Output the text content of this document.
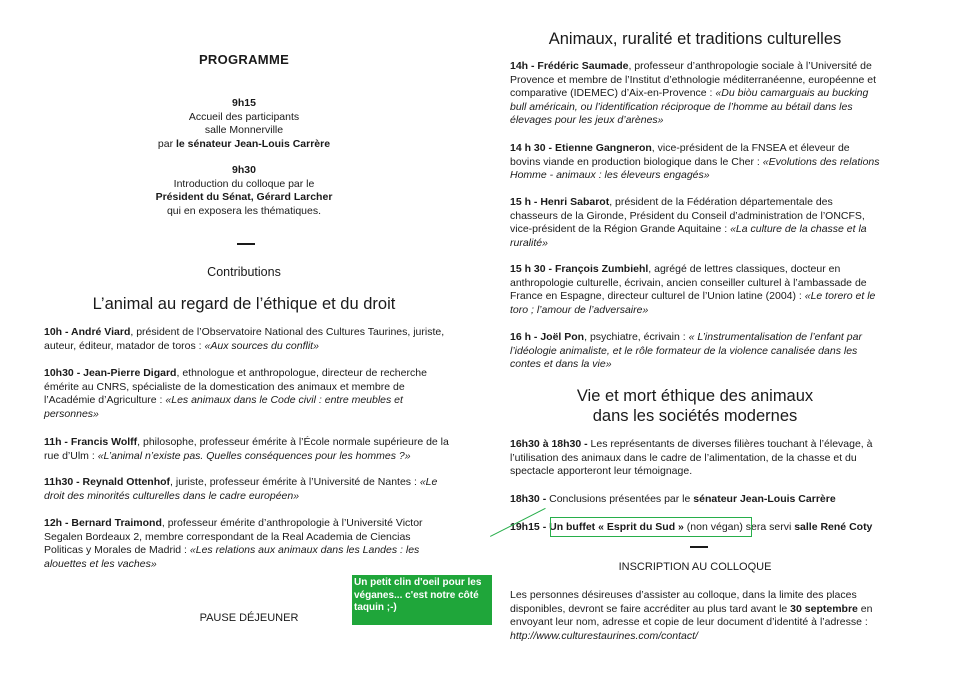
PROGRAMME
9h15
Accueil des participants
salle Monnerville
par le sénateur Jean-Louis Carrère
9h30
Introduction du colloque par le
Président du Sénat, Gérard Larcher
qui en exposera les thématiques.
Contributions
L’animal au regard de l’éthique et du droit
10h - André Viard, président de l’Observatoire National des Cultures Taurines, juriste, auteur, éditeur, matador de toros : «Aux sources du conflit»
10h30 - Jean-Pierre Digard, ethnologue et anthropologue, directeur de recherche émérite au CNRS, spécialiste de la domestication des animaux et membre de l’Académie d’Agriculture : «Les animaux dans le Code civil : entre meubles et personnes»
11h - Francis Wolff, philosophe, professeur émérite à l’École normale supérieure de la rue d’Ulm : «L’animal n’existe pas. Quelles conséquences pour les hommes ?»
11h30 - Reynald Ottenhof, juriste, professeur émérite à l’Université de Nantes : «Le droit des minorités culturelles dans le cadre européen»
12h - Bernard Traimond, professeur émérite d’anthropologie à l’Université Victor Segalen Bordeaux 2, membre correspondant de la Real Academia de Ciencias Politicas y Morales de Madrid : «Les relations aux animaux dans les Landes : les alouettes et les vaches»
PAUSE DÉJEUNER
Animaux, ruralité et traditions culturelles
14h - Frédéric Saumade, professeur d’anthropologie sociale à l’Université de Provence et membre de l’Institut d’ethnologie méditerranéenne, européenne et comparative (IDEMEC) d’Aix-en-Provence : «Du biòu camarguais au bucking bull américain, ou l’identification réciproque de l’homme au bétail dans les élevages pour les jeux d’arènes»
14 h 30 - Etienne Gangneron, vice-président de la FNSEA et éleveur de bovins viande en production biologique dans le Cher : «Evolutions des relations Homme - animaux : les éleveurs engagés»
15 h - Henri Sabarot, président de la Fédération départementale des chasseurs de la Gironde, Président du Conseil d’administration de l’ONCFS, vice-président de la Région Grande Aquitaine : «La culture de la chasse et la ruralité»
15 h 30 - François Zumbiehl, agrégé de lettres classiques, docteur en anthropologie culturelle, écrivain, ancien conseiller culturel à l’ambassade de France en Espagne, directeur culturel de l’Union latine (2004) : «Le torero et le toro ; l’amour de l’adversaire»
16 h - Joël Pon, psychiatre, écrivain : « L’instrumentalisation de l’enfant par l’idéologie animaliste, et le rôle formateur de la violence canalisée dans les contes et dans la vie»
Vie et mort éthique des animaux
dans les sociétés modernes
16h30 à 18h30 - Les représentants de diverses filières touchant à l’élevage, à l’utilisation des animaux dans le cadre de l’alimentation, de la chasse et du spectacle apporteront leur témoignage.
18h30 - Conclusions présentées par le sénateur Jean-Louis Carrère
19h15 - Un buffet « Esprit du Sud » (non végan) sera servi salle René Coty
INSCRIPTION AU COLLOQUE
Les personnes désireuses d’assister au colloque, dans la limite des places disponibles, devront se faire accréditer au plus tard avant le 30 septembre en envoyant leur nom, adresse et copie de leur document d’identité à l’adresse : http://www.culturestaurines.com/contact/
Un petit clin d'oeil pour les véganes... c'est notre côté taquin ;-)
